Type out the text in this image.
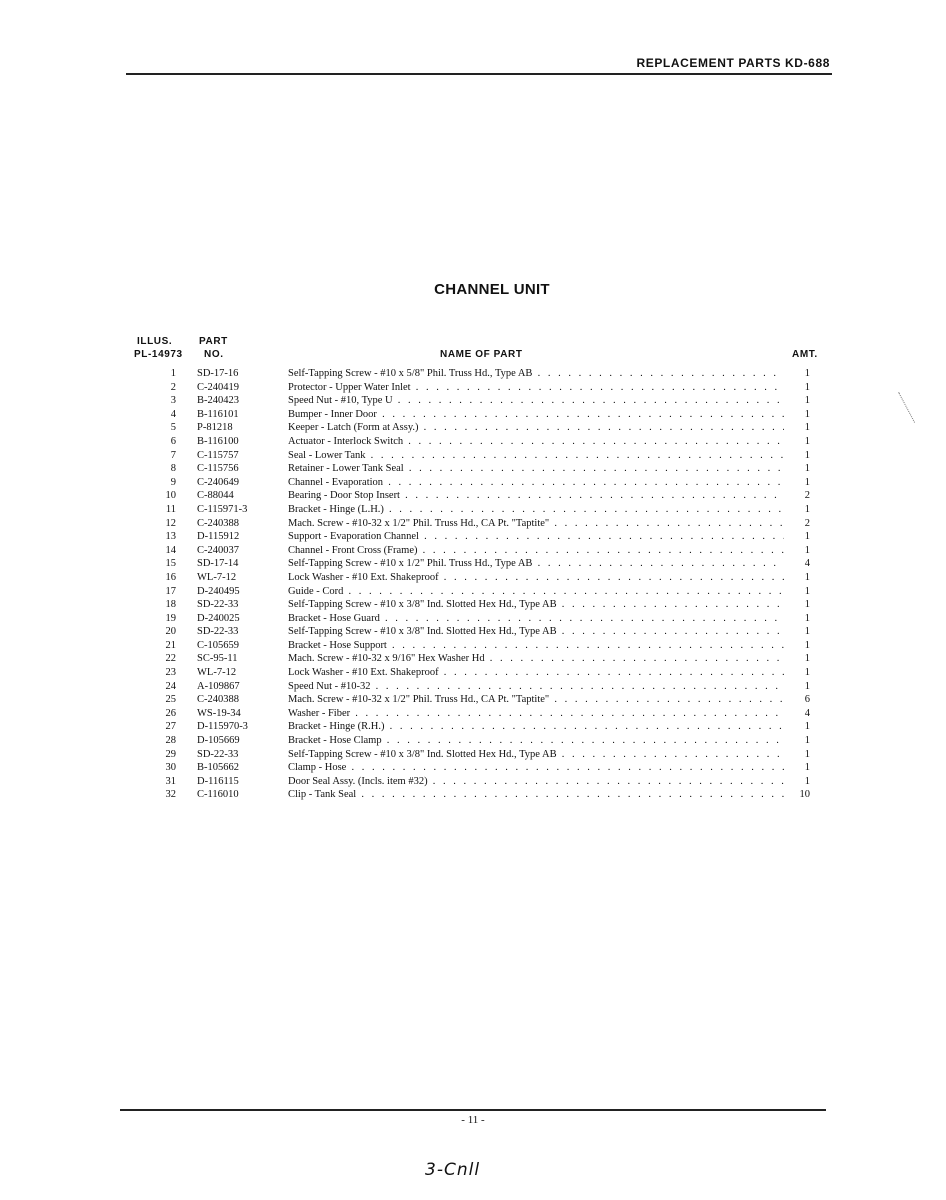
REPLACEMENT PARTS KD-688
CHANNEL UNIT
ILLUS.
PL-14973
PART
NO.	NAME OF PART	AMT.
1 SD-17-16	Self-Tapping Screw - #10 x 5/8" Phil. Truss Hd., Type AB . . .	1
2 C-240419	Protector - Upper Water Inlet . . .	1
3 B-240423	Speed Nut - #10, Type U . . .	1
4 B-116101	Bumper - Inner Door . . .	1
5 P-81218	Keeper - Latch (Form at Assy.) . . .	1
6 B-116100	Actuator - Interlock Switch . . .	1
7 C-115757	Seal - Lower Tank . . .	1
8 C-115756	Retainer - Lower Tank Seal . . .	1
9 C-240649	Channel - Evaporation . . .	1
10 C-88044	Bearing - Door Stop Insert . . .	2
11 C-115971-3	Bracket - Hinge (L.H.) . . .	1
12 C-240388	Mach. Screw - #10-32 x 1/2" Phil. Truss Hd., CA Pt. "Taptite" . . .	2
13 D-115912	Support - Evaporation Channel . . .	1
14 C-240037	Channel - Front Cross (Frame) . . .	1
15 SD-17-14	Self-Tapping Screw - #10 x 1/2" Phil. Truss Hd., Type AB . . .	4
16 WL-7-12	Lock Washer - #10 Ext. Shakeproof . . .	1
17 D-240495	Guide - Cord . . .	1
18 SD-22-33	Self-Tapping Screw - #10 x 3/8" Ind. Slotted Hex Hd., Type AB . . .	1
19 D-240025	Bracket - Hose Guard . . .	1
20 SD-22-33	Self-Tapping Screw - #10 x 3/8" Ind. Slotted Hex Hd., Type AB . . .	1
21 C-105659	Bracket - Hose Support . . .	1
22 SC-95-11	Mach. Screw - #10-32 x 9/16" Hex Washer Hd . . .	1
23 WL-7-12	Lock Washer - #10 Ext. Shakeproof . . .	1
24 A-109867	Speed Nut - #10-32 . . .	1
25 C-240388	Mach. Screw - #10-32 x 1/2" Phil. Truss Hd., CA Pt. "Taptite" . . .	6
26 WS-19-34	Washer - Fiber . . .	4
27 D-115970-3	Bracket - Hinge (R.H.) . . .	1
28 D-105669	Bracket - Hose Clamp . . .	1
29 SD-22-33	Self-Tapping Screw - #10 x 3/8" Ind. Slotted Hex Hd., Type AB . . .	1
30 B-105662	Clamp - Hose . . .	1
31 D-116115	Door Seal Assy. (Incls. item #32) . . .	1
32 C-116010	Clip - Tank Seal . . .	10
- 11 -
3-Cnll
